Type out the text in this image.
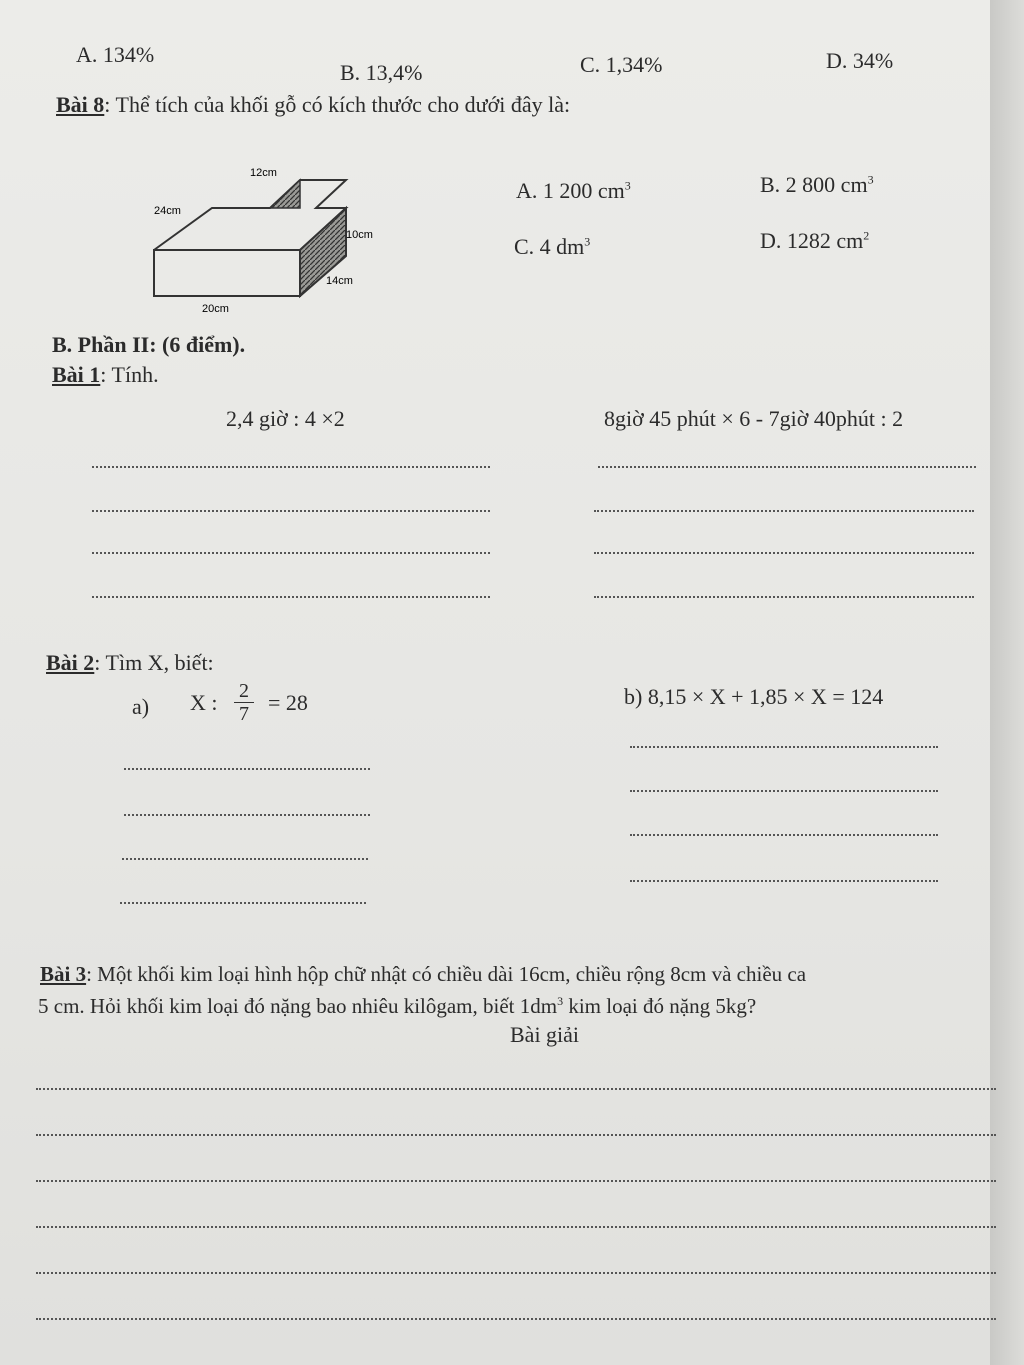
A. 134%
B. 13,4%	C. 1,34%	D. 34%
Bài 8: Thể tích của khối gỗ có kích thước cho dưới đây là:
12cm
24cm
10cm
14cm
20cm
A. 1 200 $cm^3$	B. 2 800 $cm^3$
C. 4 $dm^3$	D. 1282 $cm^2$
B. Phần II: (6 điểm).
Bài 1: Tính.
2,4 giờ : 4 ×2	8giờ 45 phút × 6 - 7giờ 40phút : 2
Bài 2: Tìm X, biết:
a) X : $\frac{2}{7} = 28$	b) 8,15 × X + 1,85 × X = 124
Bài 3: Một khối kim loại hình hộp chữ nhật có chiều dài 16cm, chiều rộng 8cm và chiều ca
5 cm. Hỏi khối kim loại đó nặng bao nhiêu kilôgam, biết $1dm^3$ kim loại đó nặng 5kg?
Bài giải
